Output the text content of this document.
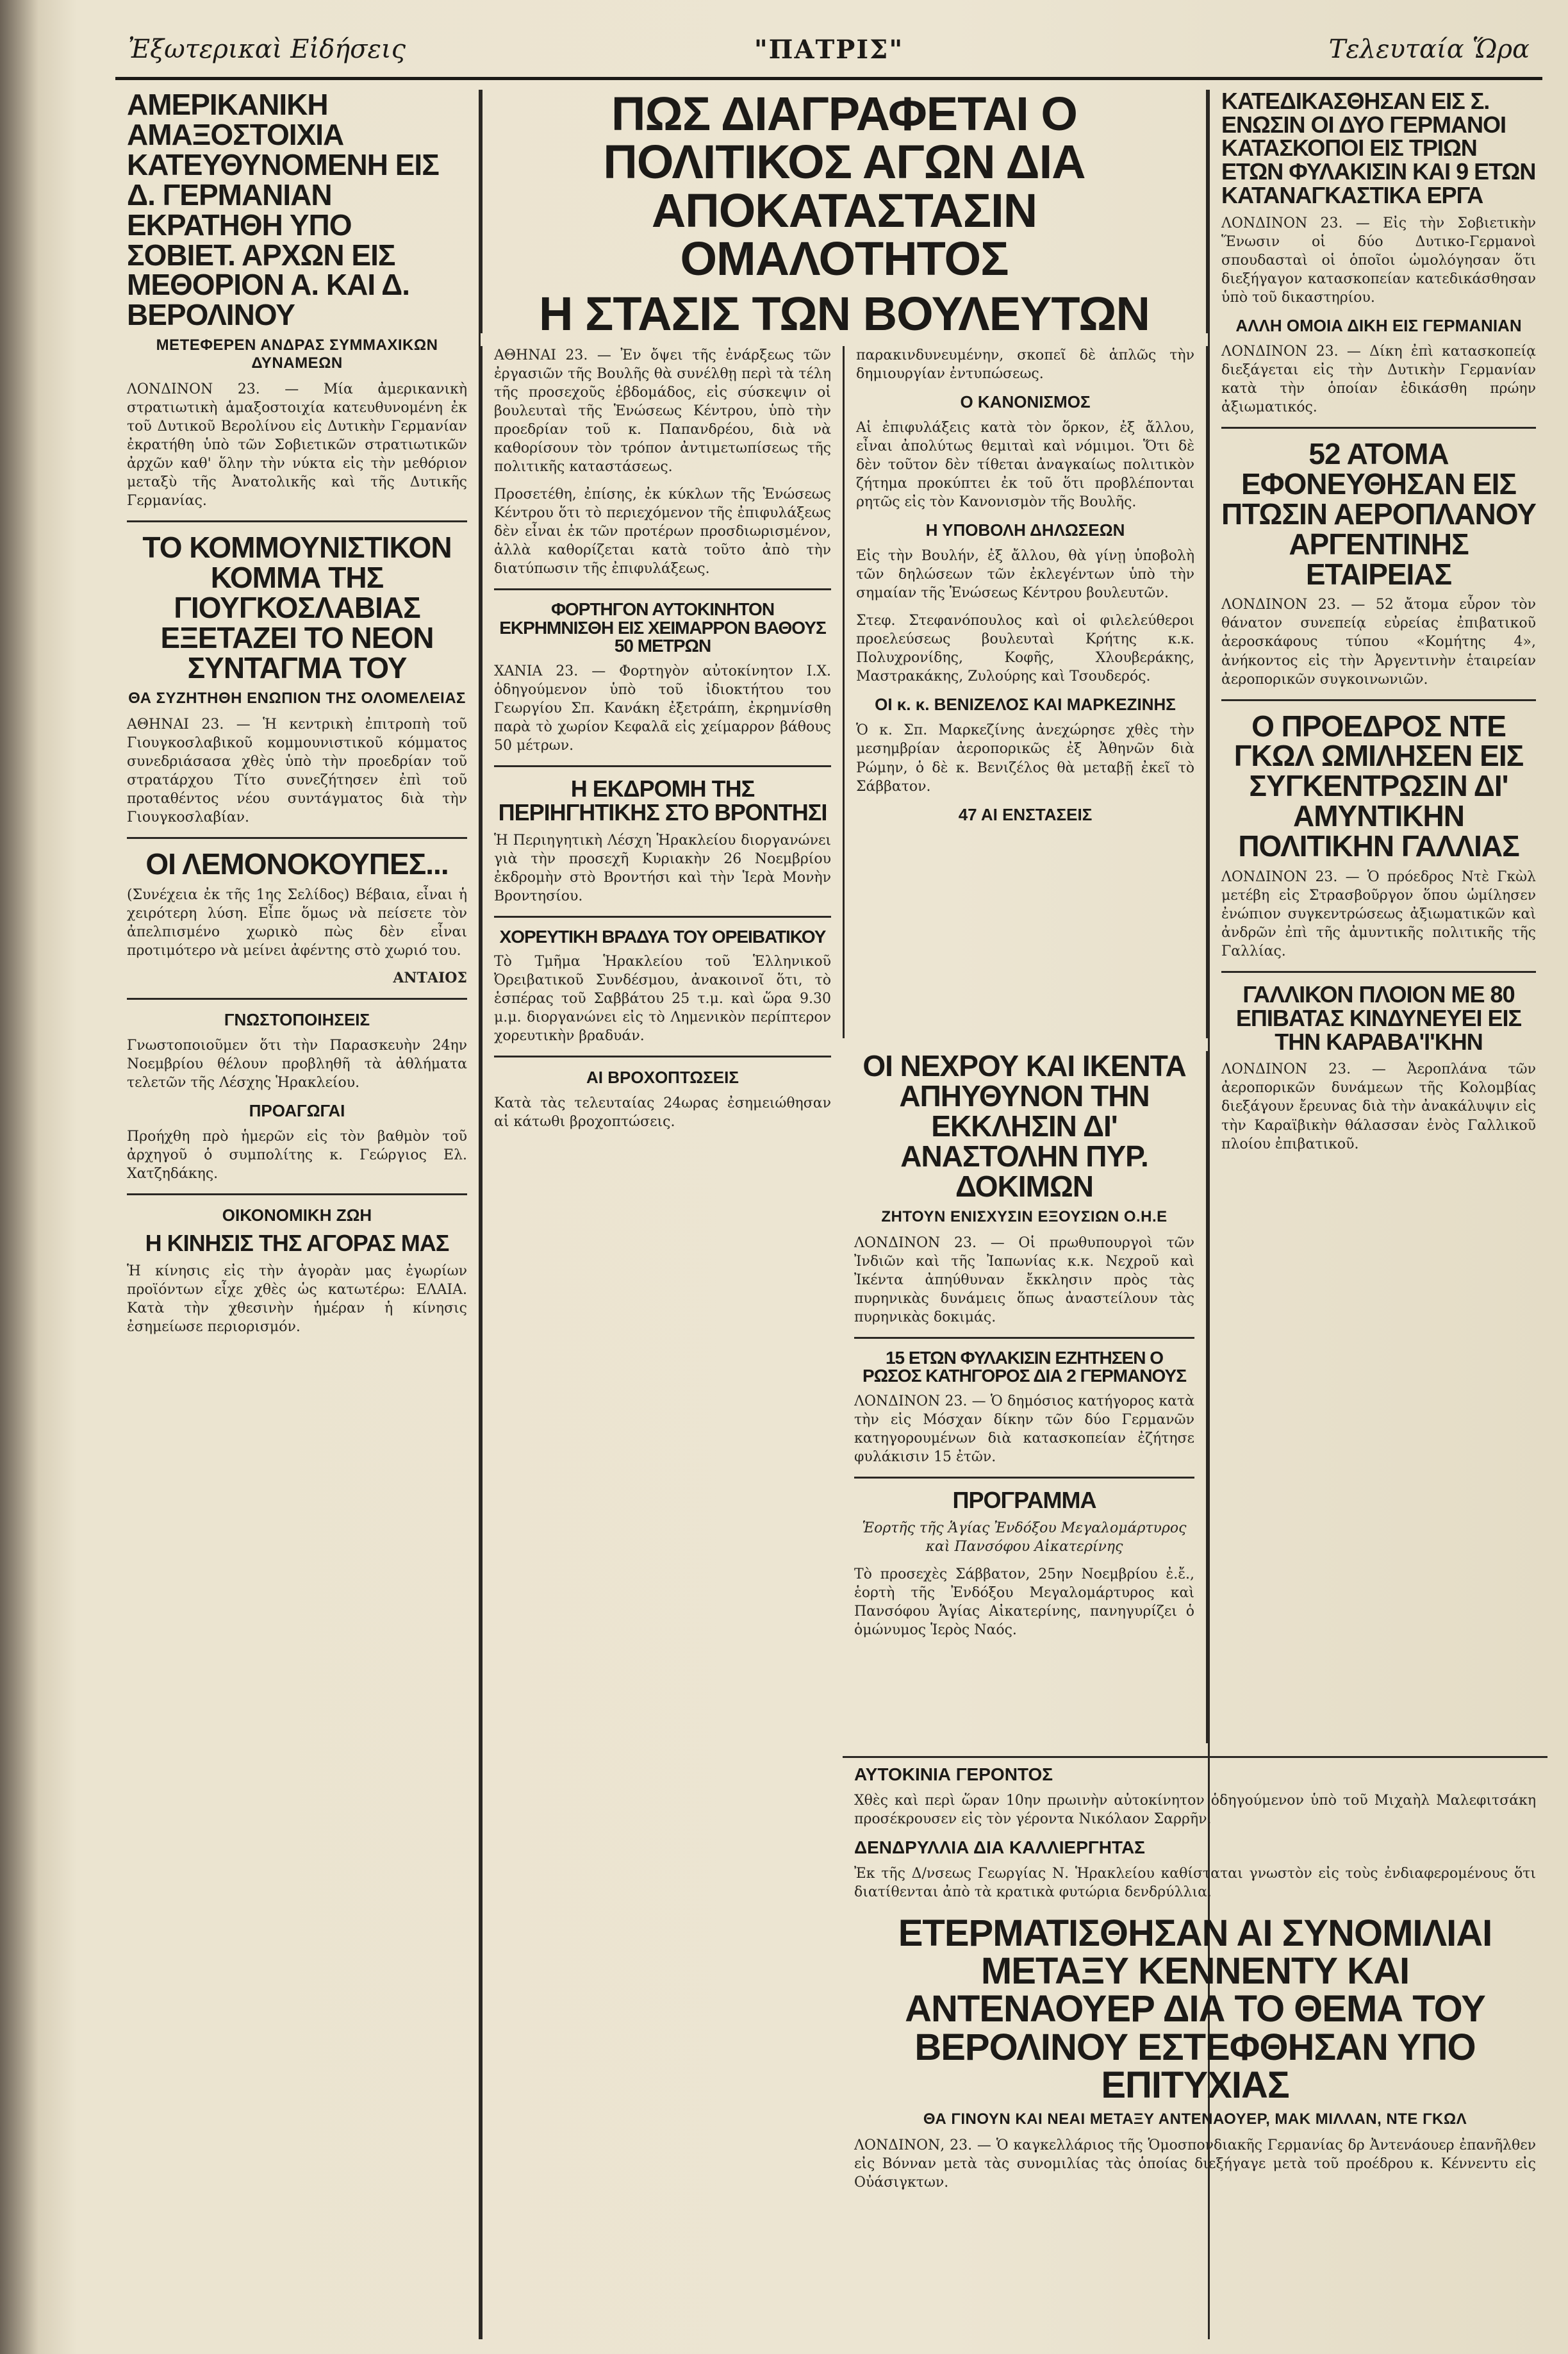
Ἐξωτερικαὶ Εἰδήσεις	"ΠΑΤΡΙΣ"	Τελευταία Ὥρα
ΑΜΕΡΙΚΑΝΙΚΗ ΑΜΑΞΟΣΤΟΙΧΙΑ ΚΑΤΕΥΘΥΝΟΜΕΝΗ ΕΙΣ Δ. ΓΕΡΜΑΝΙΑΝ ΕΚΡΑΤΗΘΗ ΥΠΟ ΣΟΒΙΕΤ. ΑΡΧΩΝ ΕΙΣ ΜΕΘΟΡΙΟΝ Α. ΚΑΙ Δ. ΒΕΡΟΛΙΝΟΥ
ΜΕΤΕΦΕΡΕΝ ΑΝΔΡΑΣ ΣΥΜΜΑΧΙΚΩΝ ΔΥΝΑΜΕΩΝ

ΛΟΝΔΙΝΟΝ 23. — Μία ἀμερικανικὴ στρατιωτικὴ ἁμαξοστοιχία κατευθυνομένη ἐκ τοῦ Δυτικοῦ Βερολίνου εἰς Δυτικὴν Γερμανίαν ἐκρατήθη ὑπὸ τῶν Σοβιετικῶν στρατιωτικῶν ἀρχῶν καθ' ὅλην τὴν νύκτα εἰς τὴν μεθόριον μεταξὺ τῆς Ἀνατολικῆς καὶ τῆς Δυτικῆς Γερμανίας.

ΤΟ ΚΟΜΜΟΥΝΙΣΤΙΚΟΝ ΚΟΜΜΑ ΤΗΣ ΓΙΟΥΓΚΟΣΛΑΒΙΑΣ ΕΞΕΤΑΖΕΙ ΤΟ ΝΕΟΝ ΣΥΝΤΑΓΜΑ ΤΟΥ
ΘΑ ΣΥΖΗΤΗΘΗ ΕΝΩΠΙΟΝ ΤΗΣ ΟΛΟΜΕΛΕΙΑΣ

ΑΘΗΝΑΙ 23. — Ἡ κεντρικὴ ἐπιτροπὴ τοῦ Γιουγκοσλαβικοῦ κομμουνιστικοῦ κόμματος συνεδριάσασα χθὲς ὑπὸ τὴν προεδρίαν τοῦ στρατάρχου Τίτο συνεζήτησεν ἐπὶ τοῦ προταθέντος νέου συντάγματος διὰ τὴν Γιουγκοσλαβίαν.

ΟΙ ΛΕΜΟΝΟΚΟΥΠΕΣ...

(Συνέχεια ἐκ τῆς 1ης Σελίδος) Βέβαια, εἶναι ἡ χειρότερη λύση. Εἶπε ὅμως νὰ πείσετε τὸν ἀπελπισμένο χωρικὸ πὼς δὲν εἶναι προτιμότερο νὰ μείνει ἀφέντης στὸ χωριό του.

ΑΝΤΑΙΟΣ

ΓΝΩΣΤΟΠΟΙΗΣΕΙΣ

Γνωστοποιοῦμεν ὅτι τὴν Παρασκευὴν 24ην Νοεμβρίου θέλουν προβληθῆ τὰ ἀθλήματα τελετῶν τῆς Λέσχης Ἡρακλείου.

ΠΡΟΑΓΩΓΑΙ

Προήχθη πρὸ ἡμερῶν εἰς τὸν βαθμὸν τοῦ ἀρχηγοῦ ὁ συμπολίτης κ. Γεώργιος Ελ. Χατζηδάκης.

ΟΙΚΟΝΟΜΙΚΗ ΖΩΗ
Η ΚΙΝΗΣΙΣ ΤΗΣ ΑΓΟΡΑΣ ΜΑΣ

Ἡ κίνησις εἰς τὴν ἀγορὰν μας ἐγωρίων προϊόντων εἶχε χθὲς ὡς κατωτέρω: ΕΛΑΙΑ. Κατὰ τὴν χθεσινὴν ἡμέραν ἡ κίνησις ἐσημείωσε περιορισμόν.

ΠΩΣ ΔΙΑΓΡΑΦΕΤΑΙ Ο ΠΟΛΙΤΙΚΟΣ ΑΓΩΝ ΔΙΑ ΑΠΟΚΑΤΑΣΤΑΣΙΝ ΟΜΑΛΟΤΗΤΟΣ
Η ΣΤΑΣΙΣ ΤΩΝ ΒΟΥΛΕΥΤΩΝ

ΑΘΗΝΑΙ 23. — Ἐν ὄψει τῆς ἐνάρξεως τῶν ἐργασιῶν τῆς Βουλῆς θὰ συνέλθῃ περὶ τὰ τέλη τῆς προσεχοῦς ἑβδομάδος, εἰς σύσκεψιν οἱ βουλευταὶ τῆς Ἑνώσεως Κέντρου, ὑπὸ τὴν προεδρίαν τοῦ κ. Παπανδρέου, διὰ νὰ καθορίσουν τὸν τρόπον ἀντιμετωπίσεως τῆς πολιτικῆς καταστάσεως.

Προσετέθη, ἐπίσης, ἐκ κύκλων τῆς Ἑνώσεως Κέντρου ὅτι τὸ περιεχόμενον τῆς ἐπιφυλάξεως δὲν εἶναι ἐκ τῶν προτέρων προσδιωρισμένον, ἀλλὰ καθορίζεται κατὰ τοῦτο ἀπὸ τὴν διατύπωσιν τῆς ἐπιφυλάξεως.

ΦΟΡΤΗΓΟΝ ΑΥΤΟΚΙΝΗΤΟΝ ΕΚΡΗΜΝΙΣΘΗ ΕΙΣ ΧΕΙΜΑΡΡΟΝ ΒΑΘΟΥΣ 50 ΜΕΤΡΩΝ

ΧΑΝΙΑ 23. — Φορτηγὸν αὐτοκίνητον Ι.Χ. ὁδηγούμενον ὑπὸ τοῦ ἰδιοκτήτου του Γεωργίου Σπ. Κανάκη ἐξετράπη, ἐκρημνίσθη παρὰ τὸ χωρίον Κεφαλᾶ εἰς χείμαρρον βάθους 50 μέτρων.

Η ΕΚΔΡΟΜΗ ΤΗΣ ΠΕΡΙΗΓΗΤΙΚΗΣ ΣΤΟ ΒΡΟΝΤΗΣΙ

Ἡ Περιηγητικὴ Λέσχη Ἡρακλείου διοργανώνει γιὰ τὴν προσεχῆ Κυριακὴν 26 Νοεμβρίου ἐκδρομὴν στὸ Βροντήσι καὶ τὴν Ἱερὰ Μονὴν Βροντησίου.

ΧΟΡΕΥΤΙΚΗ ΒΡΑΔΥΑ ΤΟΥ ΟΡΕΙΒΑΤΙΚΟΥ

Τὸ Τμῆμα Ἡρακλείου τοῦ Ἑλληνικοῦ Ὀρειβατικοῦ Συνδέσμου, ἀνακοινοῖ ὅτι, τὸ ἑσπέρας τοῦ Σαββάτου 25 τ.μ. καὶ ὥρα 9.30 μ.μ. διοργανώνει εἰς τὸ Λημενικὸν περίπτερον χορευτικὴν βραδυάν.

ΑΙ ΒΡΟΧΟΠΤΩΣΕΙΣ

Κατὰ τὰς τελευταίας 24ωρας ἐσημειώθησαν αἱ κάτωθι βροχοπτώσεις.

παρακινδυνευμένην, σκοπεῖ δὲ ἁπλῶς τὴν δημιουργίαν ἐντυπώσεως.

Ο ΚΑΝΟΝΙΣΜΟΣ

Αἱ ἐπιφυλάξεις κατὰ τὸν ὅρκον, ἐξ ἄλλου, εἶναι ἀπολύτως θεμιταὶ καὶ νόμιμοι. Ὅτι δὲ δὲν τοῦτον δὲν τίθεται ἀναγκαίως πολιτικὸν ζήτημα προκύπτει ἐκ τοῦ ὅτι προβλέπονται ρητῶς εἰς τὸν Κανονισμὸν τῆς Βουλῆς.

Η ΥΠΟΒΟΛΗ ΔΗΛΩΣΕΩΝ

Εἰς τὴν Βουλήν, ἐξ ἄλλου, θὰ γίνῃ ὑποβολὴ τῶν δηλώσεων τῶν ἐκλεγέντων ὑπὸ τὴν σημαίαν τῆς Ἑνώσεως Κέντρου βουλευτῶν.

Στεφ. Στεφανόπουλος καὶ οἱ φιλελεύθεροι προελεύσεως βουλευταὶ Κρήτης κ.κ. Πολυχρονίδης, Κοφῆς, Χλουβεράκης, Μαστρακάκης, Ζυλούρης καὶ Τσουδερός.

ΟΙ κ. κ. ΒΕΝΙΖΕΛΟΣ ΚΑΙ ΜΑΡΚΕΖΙΝΗΣ

Ὁ κ. Σπ. Μαρκεζίνης ἀνεχώρησε χθὲς τὴν μεσημβρίαν ἀεροπορικῶς ἐξ Ἀθηνῶν διὰ Ρώμην, ὁ δὲ κ. Βενιζέλος θὰ μεταβῇ ἐκεῖ τὸ Σάββατον.

47 ΑΙ ΕΝΣΤΑΣΕΙΣ
ΟΙ ΝΕΧΡΟΥ ΚΑΙ ΙΚΕΝΤΑ ΑΠΗΥΘΥΝΟΝ ΤΗΝ ΕΚΚΛΗΣΙΝ ΔΙ' ΑΝΑΣΤΟΛΗΝ ΠΥΡ. ΔΟΚΙΜΩΝ
ΖΗΤΟΥΝ ΕΝΙΣΧΥΣΙΝ ΕΞΟΥΣΙΩΝ Ο.Η.Ε

ΛΟΝΔΙΝΟΝ 23. — Οἱ πρωθυπουργοὶ τῶν Ἰνδιῶν καὶ τῆς Ἰαπωνίας κ.κ. Νεχροῦ καὶ Ἰκέντα ἀπηύθυναν ἔκκλησιν πρὸς τὰς πυρηνικὰς δυνάμεις ὅπως ἀναστείλουν τὰς πυρηνικὰς δοκιμάς.

15 ΕΤΩΝ ΦΥΛΑΚΙΣΙΝ ΕΖΗΤΗΣΕΝ Ο ΡΩΣΟΣ ΚΑΤΗΓΟΡΟΣ ΔΙΑ 2 ΓΕΡΜΑΝΟΥΣ

ΛΟΝΔΙΝΟΝ 23. — Ὁ δημόσιος κατήγορος κατὰ τὴν εἰς Μόσχαν δίκην τῶν δύο Γερμανῶν κατηγορουμένων διὰ κατασκοπείαν ἐζήτησε φυλάκισιν 15 ἐτῶν.

ΠΡΟΓΡΑΜΜΑ

Ἑορτῆς τῆς Ἁγίας Ἐνδόξου Μεγαλομάρτυρος καὶ Πανσόφου Αἰκατερίνης

Τὸ προσεχὲς Σάββατον, 25ην Νοεμβρίου ἐ.ἔ., ἑορτὴ τῆς Ἐνδόξου Μεγαλομάρτυρος καὶ Πανσόφου Ἁγίας Αἰκατερίνης, πανηγυρίζει ὁ ὁμώνυμος Ἱερὸς Ναός.

ΚΑΤΕΔΙΚΑΣΘΗΣΑΝ ΕΙΣ Σ. ΕΝΩΣΙΝ ΟΙ ΔΥΟ ΓΕΡΜΑΝΟΙ ΚΑΤΑΣΚΟΠΟΙ ΕΙΣ ΤΡΙΩΝ ΕΤΩΝ ΦΥΛΑΚΙΣΙΝ ΚΑΙ 9 ΕΤΩΝ ΚΑΤΑΝΑΓΚΑΣΤΙΚΑ ΕΡΓΑ

ΛΟΝΔΙΝΟΝ 23. — Εἰς τὴν Σοβιετικὴν Ἕνωσιν οἱ δύο Δυτικο-Γερμανοὶ σπουδασταὶ οἱ ὁποῖοι ὡμολόγησαν ὅτι διεξήγαγον κατασκοπείαν κατεδικάσθησαν ὑπὸ τοῦ δικαστηρίου.

ΑΛΛΗ ΟΜΟΙΑ ΔΙΚΗ ΕΙΣ ΓΕΡΜΑΝΙΑΝ

ΛΟΝΔΙΝΟΝ 23. — Δίκη ἐπὶ κατασκοπείᾳ διεξάγεται εἰς τὴν Δυτικὴν Γερμανίαν κατὰ τὴν ὁποίαν ἐδικάσθη πρώην ἀξιωματικός.

52 ΑΤΟΜΑ ΕΦΟΝΕΥΘΗΣΑΝ ΕΙΣ ΠΤΩΣΙΝ ΑΕΡΟΠΛΑΝΟΥ ΑΡΓΕΝΤΙΝΗΣ ΕΤΑΙΡΕΙΑΣ

ΛΟΝΔΙΝΟΝ 23. — 52 ἄτομα εὗρον τὸν θάνατον συνεπείᾳ εὐρείας ἐπιβατικοῦ ἀεροσκάφους τύπου «Κομήτης 4», ἀνήκοντος εἰς τὴν Ἀργεντινὴν ἑταιρείαν ἀεροπορικῶν συγκοινωνιῶν.

Ο ΠΡΟΕΔΡΟΣ ΝΤΕ ΓΚΩΛ ΩΜΙΛΗΣΕΝ ΕΙΣ ΣΥΓΚΕΝΤΡΩΣΙΝ ΔΙ' ΑΜΥΝΤΙΚΗΝ ΠΟΛΙΤΙΚΗΝ ΓΑΛΛΙΑΣ

ΛΟΝΔΙΝΟΝ 23. — Ὁ πρόεδρος Ντὲ Γκὼλ μετέβη εἰς Στρασβοῦργον ὅπου ὡμίλησεν ἐνώπιον συγκεντρώσεως ἀξιωματικῶν καὶ ἀνδρῶν ἐπὶ τῆς ἀμυντικῆς πολιτικῆς τῆς Γαλλίας.

ΓΑΛΛΙΚΟΝ ΠΛΟΙΟΝ ΜΕ 80 ΕΠΙΒΑΤΑΣ ΚΙΝΔΥΝΕΥΕΙ ΕΙΣ ΤΗΝ ΚΑΡΑΒΑ'Ι'ΚΗΝ

ΛΟΝΔΙΝΟΝ 23. — Ἀεροπλάνα τῶν ἀεροπορικῶν δυνάμεων τῆς Κολομβίας διεξάγουν ἔρευνας διὰ τὴν ἀνακάλυψιν εἰς τὴν Καραϊβικὴν θάλασσαν ἑνὸς Γαλλικοῦ πλοίου ἐπιβατικοῦ.

ΑΥΤΟΚΙΝΙΑ ΓΕΡΟΝΤΟΣ

Χθὲς καὶ περὶ ὥραν 10ην πρωινὴν αὐτοκίνητον ὁδηγούμενον ὑπὸ τοῦ Μιχαὴλ Μαλεφιτσάκη προσέκρουσεν εἰς τὸν γέροντα Νικόλαον Σαρρῆν.

ΔΕΝΔΡΥΛΛΙΑ ΔΙΑ ΚΑΛΛΙΕΡΓΗΤΑΣ

Ἐκ τῆς Δ/νσεως Γεωργίας Ν. Ἡρακλείου καθίσταται γνωστὸν εἰς τοὺς ἐνδιαφερομένους ὅτι διατίθενται ἀπὸ τὰ κρατικὰ φυτώρια δενδρύλλια.

ΕΤΕΡΜΑΤΙΣΘΗΣΑΝ ΑΙ ΣΥΝΟΜΙΛΙΑΙ ΜΕΤΑΞΥ ΚΕΝΝΕΝΤΥ ΚΑΙ ΑΝΤΕΝΑΟΥΕΡ ΔΙΑ ΤΟ ΘΕΜΑ ΤΟΥ ΒΕΡΟΛΙΝΟΥ ΕΣΤΕΦΘΗΣΑΝ ΥΠΟ ΕΠΙΤΥΧΙΑΣ
ΘΑ ΓΙΝΟΥΝ ΚΑΙ ΝΕΑΙ ΜΕΤΑΞΥ ΑΝΤΕΝΑΟΥΕΡ, ΜΑΚ ΜΙΛΛΑΝ, ΝΤΕ ΓΚΩΛ

ΛΟΝΔΙΝΟΝ, 23. — Ὁ καγκελλάριος τῆς Ὁμοσπονδιακῆς Γερμανίας δρ Ἀντενάουερ ἐπανῆλθεν εἰς Βόνναν μετὰ τὰς συνομιλίας τὰς ὁποίας διεξήγαγε μετὰ τοῦ προέδρου κ. Κέννεντυ εἰς Οὐάσιγκτων.
